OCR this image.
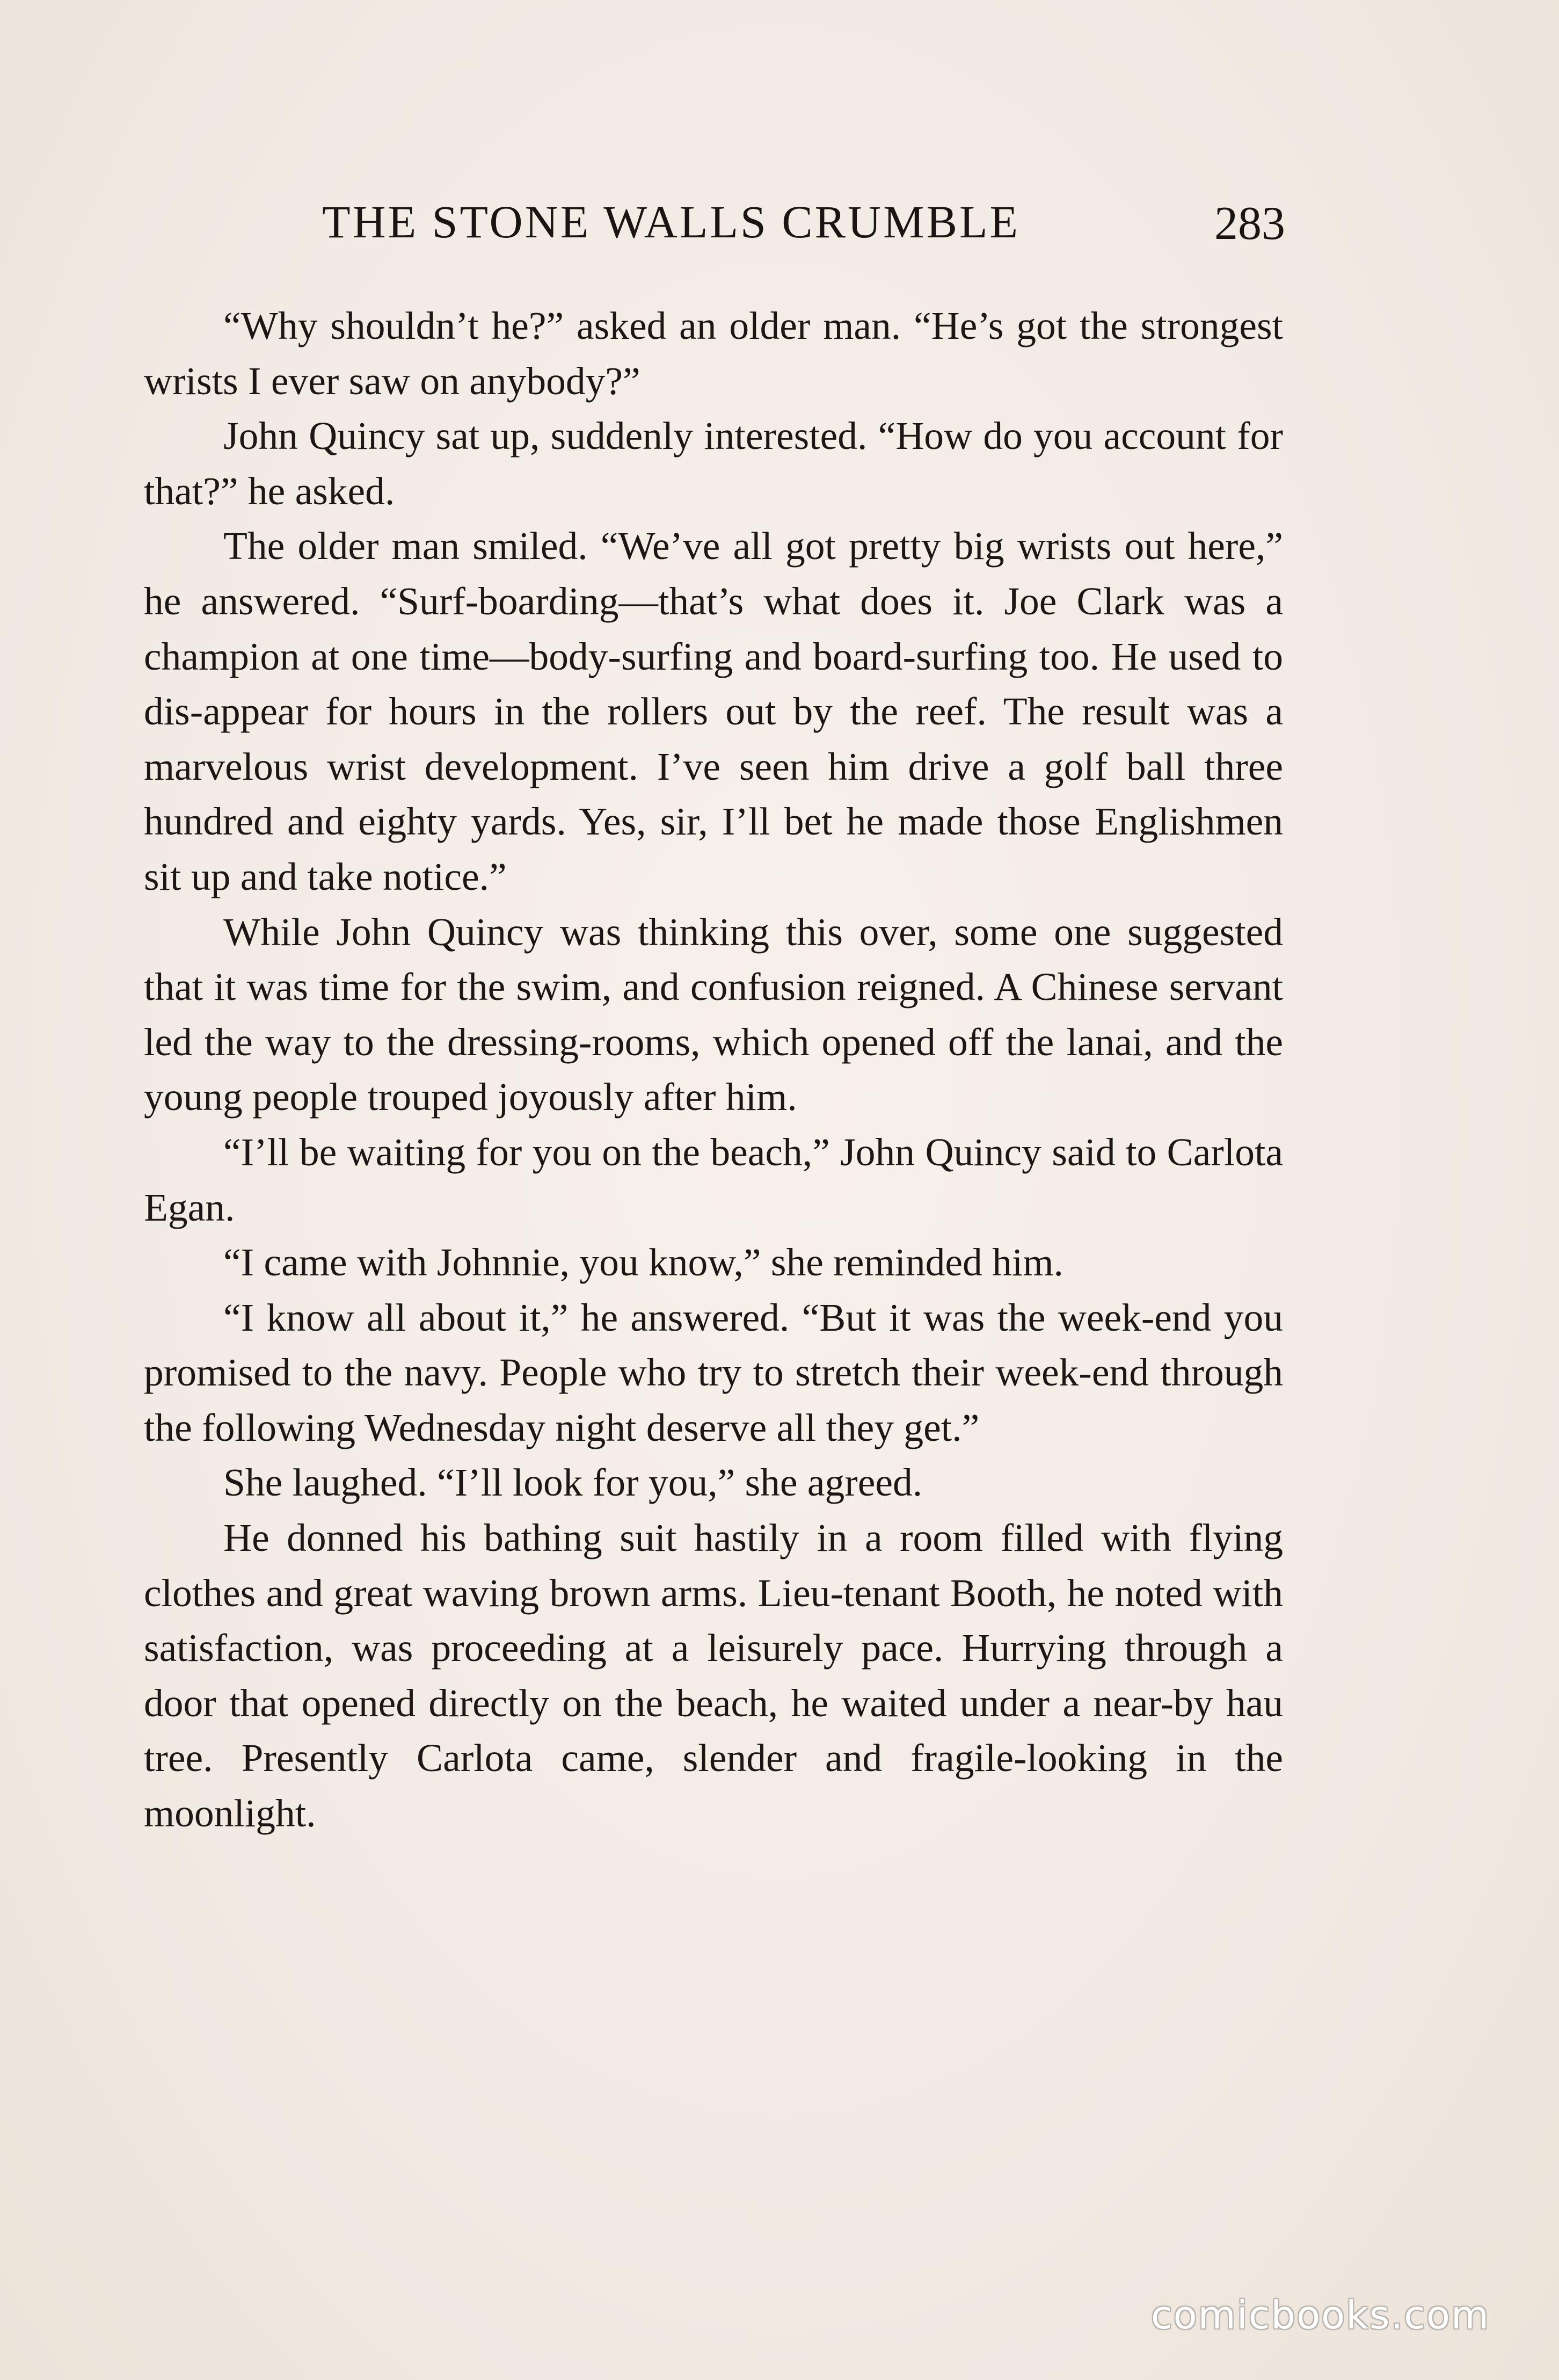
THE STONE WALLS CRUMBLE	283

“Why shouldn’t he?” asked an older man. “He’s got the strongest wrists I ever saw on anybody?”

John Quincy sat up, suddenly interested. “How do you account for that?” he asked.

The older man smiled. “We’ve all got pretty big wrists out here,” he answered. “Surf-boarding—that’s what does it. Joe Clark was a champion at one time—body-surfing and board-surfing too. He used to dis-appear for hours in the rollers out by the reef. The result was a marvelous wrist development. I’ve seen him drive a golf ball three hundred and eighty yards. Yes, sir, I’ll bet he made those Englishmen sit up and take notice.”

While John Quincy was thinking this over, some one suggested that it was time for the swim, and confusion reigned. A Chinese servant led the way to the dressing-rooms, which opened off the lanai, and the young people trouped joyously after him.

“I’ll be waiting for you on the beach,” John Quincy said to Carlota Egan.

“I came with Johnnie, you know,” she reminded him.

“I know all about it,” he answered. “But it was the week-end you promised to the navy. People who try to stretch their week-end through the following Wednesday night deserve all they get.”

She laughed. “I’ll look for you,” she agreed.

He donned his bathing suit hastily in a room filled with flying clothes and great waving brown arms. Lieu-tenant Booth, he noted with satisfaction, was proceeding at a leisurely pace. Hurrying through a door that opened directly on the beach, he waited under a near-by hau tree. Presently Carlota came, slender and fragile-looking in the moonlight.

comicbooks.com
